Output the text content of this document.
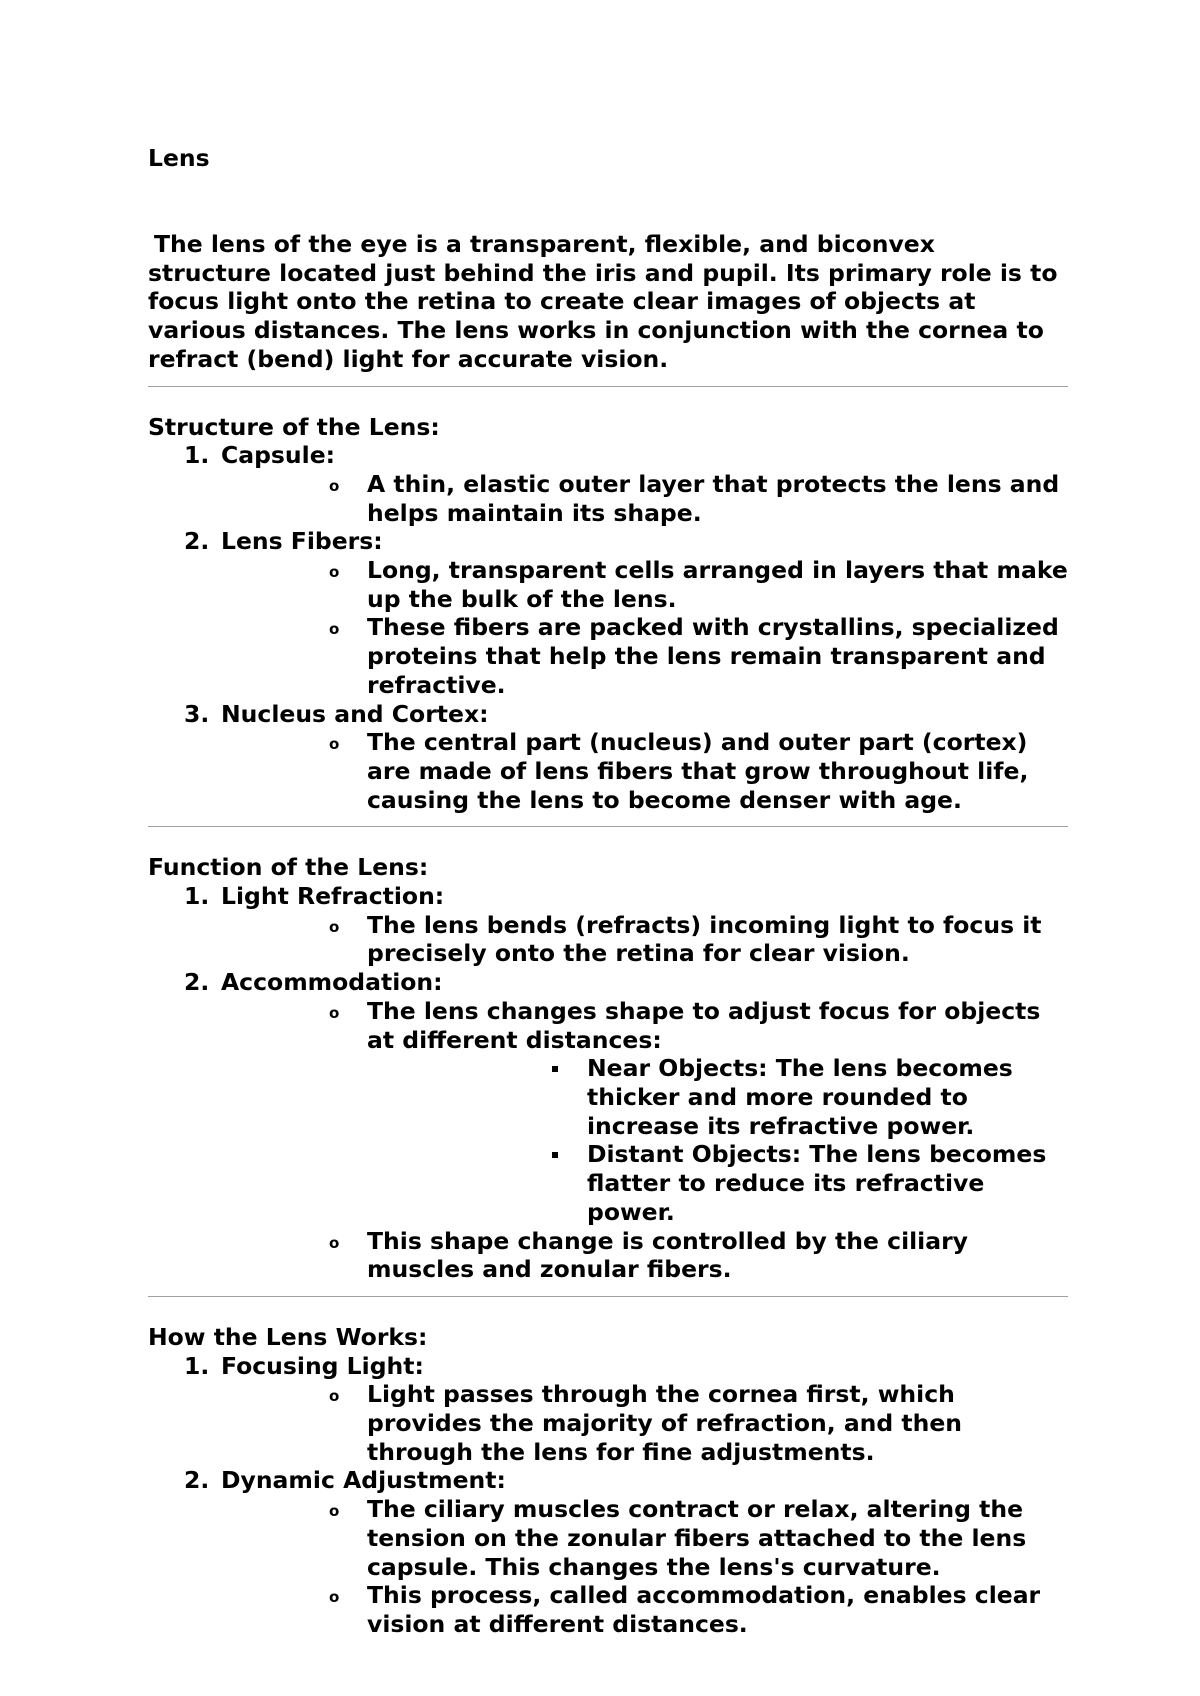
Lens
The lens of the eye is a transparent, flexible, and biconvex
structure located just behind the iris and pupil. Its primary role is to focus light onto the retina to create clear images of objects at various distances. The lens works in conjunction with the cornea to refract (bend) light for accurate vision.
Structure of the Lens:
1. Capsule:
o A thin, elastic outer layer that protects the lens and helps maintain its shape.
2. Lens Fibers:
o Long, transparent cells arranged in layers that make up the bulk of the lens.
o These fibers are packed with crystallins, specialized proteins that help the lens remain transparent and refractive.
3. Nucleus and Cortex:
o The central part (nucleus) and outer part (cortex) are made of lens fibers that grow throughout life, causing the lens to become denser with age.
Function of the Lens:
1. Light Refraction:
o The lens bends (refracts) incoming light to focus it precisely onto the retina for clear vision.
2. Accommodation:
o The lens changes shape to adjust focus for objects at different distances:
Near Objects: The lens becomes thicker and more rounded to increase its refractive power.
Distant Objects: The lens becomes flatter to reduce its refractive power.
o This shape change is controlled by the ciliary muscles and zonular fibers.
How the Lens Works:
1. Focusing Light:
o Light passes through the cornea first, which provides the majority of refraction, and then through the lens for fine adjustments.
2. Dynamic Adjustment:
o The ciliary muscles contract or relax, altering the tension on the zonular fibers attached to the lens capsule. This changes the lens's curvature.
o This process, called accommodation, enables clear vision at different distances.
